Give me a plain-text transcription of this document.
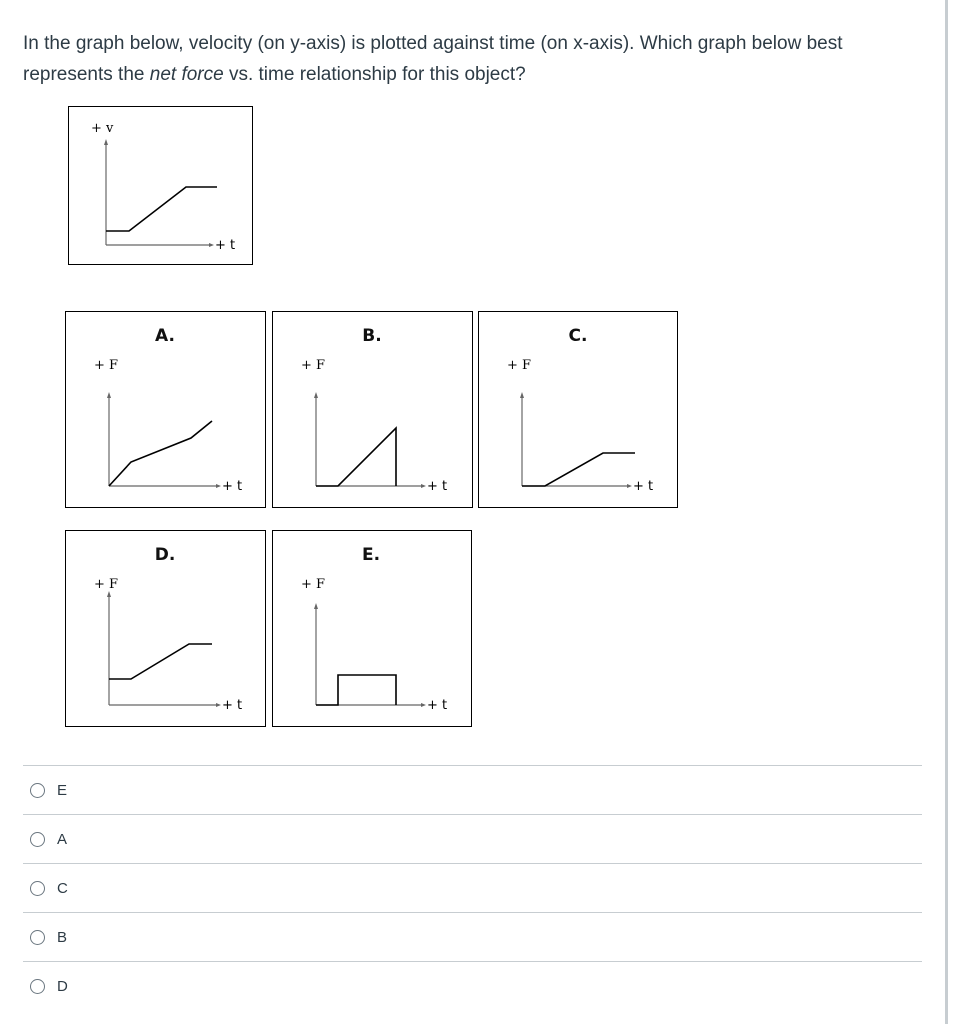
In the graph below, velocity (on y-axis) is plotted against time (on x-axis). Which graph below best represents the net force vs. time relationship for this object?
+ v
+ t
A.
+ F
+ t
B.
+ F
+ t
C.
+ F
+ t
D.
+ F
+ t
E.
+ F
+ t
E
A
C
B
D
